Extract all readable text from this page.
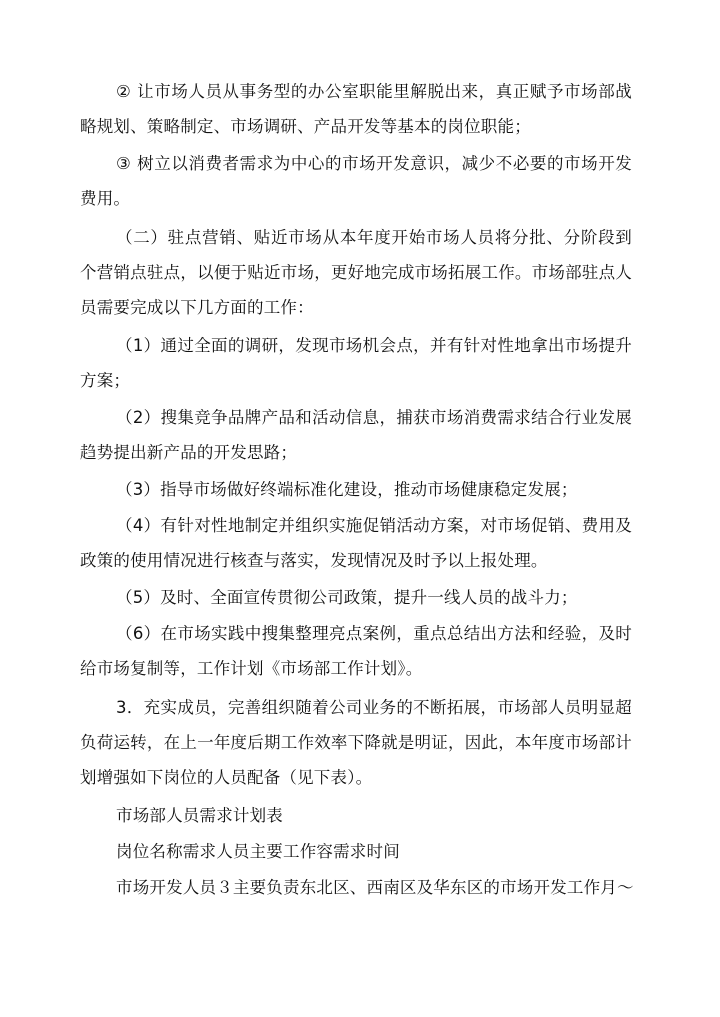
② 让市场人员从事务型的办公室职能里解脱出来，真正赋予市场部战略规划、策略制定、市场调研、产品开发等基本的岗位职能；

③ 树立以消费者需求为中心的市场开发意识，减少不必要的市场开发费用。

（二）驻点营销、贴近市场从本年度开始市场人员将分批、分阶段到个营销点驻点，以便于贴近市场，更好地完成市场拓展工作。市场部驻点人员需要完成以下几方面的工作：

（1）通过全面的调研，发现市场机会点，并有针对性地拿出市场提升方案；

（2）搜集竞争品牌产品和活动信息，捕获市场消费需求结合行业发展趋势提出新产品的开发思路；

（3）指导市场做好终端标准化建设，推动市场健康稳定发展；

（4）有针对性地制定并组织实施促销活动方案，对市场促销、费用及政策的使用情况进行核查与落实，发现情况及时予以上报处理。

（5）及时、全面宣传贯彻公司政策，提升一线人员的战斗力；

（6）在市场实践中搜集整理亮点案例，重点总结出方法和经验，及时给市场复制等，工作计划《市场部工作计划》。

3．充实成员，完善组织随着公司业务的不断拓展，市场部人员明显超负荷运转，在上一年度后期工作效率下降就是明证，因此，本年度市场部计划增强如下岗位的人员配备（见下表）。

市场部人员需求计划表

岗位名称需求人员主要工作容需求时间

市场开发人员３主要负责东北区、西南区及华东区的市场开发工作月～
